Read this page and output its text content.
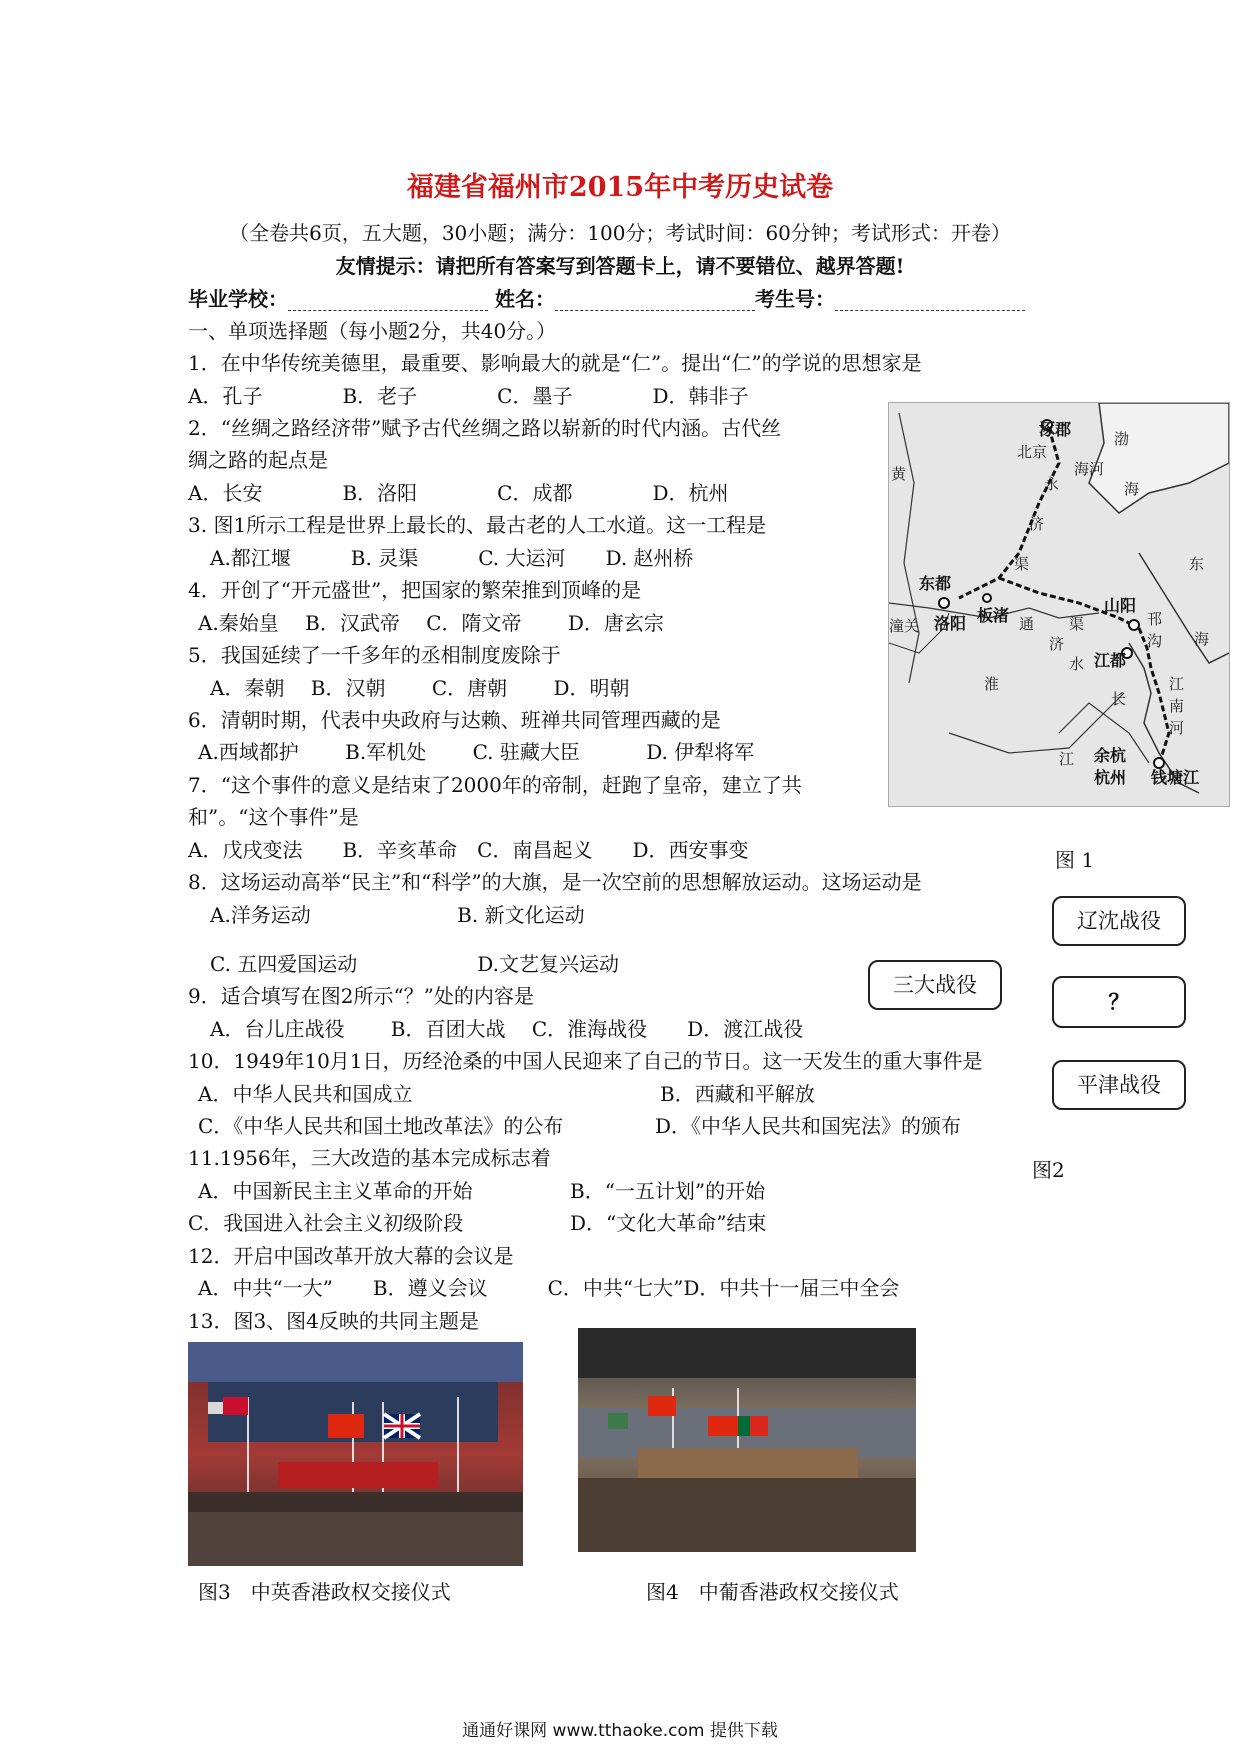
福建省福州市2015年中考历史试卷
（全卷共6页，五大题，30小题；满分：100分；考试时间：60分钟；考试形式：开卷）
友情提示：请把所有答案写到答题卡上，请不要错位、越界答题!
毕业学校：	姓名：	考生号：
一、单项选择题（每小题2分，共40分。）
1．在中华传统美德里，最重要、影响最大的就是“仁”。提出“仁”的学说的思想家是
A．孔子　　　　B．老子　　　　C．墨子　　　　D．韩非子
2．“丝绸之路经济带”赋予古代丝绸之路以崭新的时代内涵。古代丝
绸之路的起点是
A．长安　　　　B．洛阳　　　　C．成都　　　　D．杭州
3. 图1所示工程是世界上最长的、最古老的人工水道。这一工程是
A.都江堰　　　B. 灵渠　　　C. 大运河　　D. 赵州桥
4．开创了“开元盛世”，把国家的繁荣推到顶峰的是
A.秦始皇　 B．汉武帝　 C．隋文帝　　 D．唐玄宗
5．我国延续了一千多年的丞相制度废除于
A．秦朝　 B．汉朝　　 C．唐朝　　 D．明朝
6．清朝时期，代表中央政府与达赖、班禅共同管理西藏的是
A.西域都护　　 B.军机处　　 C. 驻藏大臣　　　 D. 伊犁将军
7．“这个事件的意义是结束了2000年的帝制，赶跑了皇帝，建立了共
和”。“这个事件”是
A．戊戌变法　　B．辛亥革命　C．南昌起义　　D．西安事变
8．这场运动高举“民主”和“科学”的大旗，是一次空前的思想解放运动。这场运动是
A.洋务运动　　　　　　　 B. 新文化运动
C. 五四爱国运动　　　　　　D.文艺复兴运动
9．适合填写在图2所示“？”处的内容是
A．台儿庄战役　　 B．百团大战　 C．淮海战役　　D．渡江战役
10．1949年10月1日，历经沧桑的中国人民迎来了自己的节日。这一天发生的重大事件是
A．中华人民共和国成立	B．西藏和平解放
C．《中华人民共和国土地改革法》的公布	D．《中华人民共和国宪法》的颁布
11.1956年，三大改造的基本完成标志着
A．中国新民主主义革命的开始	B．“一五计划”的开始
C．我国进入社会主义初级阶段	D．“文化大革命”结束
12．开启中国改革开放大幕的会议是
A．中共“一大”　　B．遵义会议　　　C．中共“七大”D．中共十一届三中全会
13．图3、图4反映的共同主题是
涿郡
北京
海河
永
济
渠
渤
海
黄
东都
洛阳
潼关
板渚 通
济
渠
水
山阳
邗沟
江都
淮
长
江
江南河
余杭
杭州 钱塘江
东
海
图 1
三大战役
辽沈战役
？
平津战役
图2
图3　中英香港政权交接仪式	图4　中葡香港政权交接仪式
通通好课网 www.tthaoke.com 提供下载
